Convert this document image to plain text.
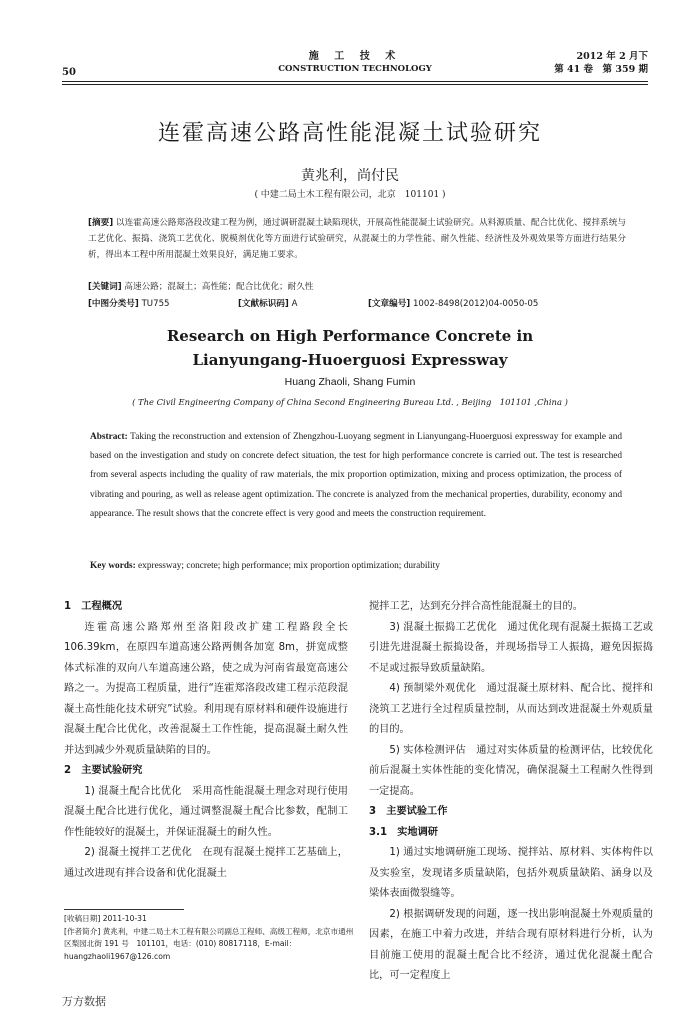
50
施 工 技 术
CONSTRUCTION TECHNOLOGY
2012 年 2 月下
第 41 卷　第 359 期
连霍高速公路高性能混凝土试验研究
黄兆利，尚付民
( 中建二局土木工程有限公司，北京　101101 )
[摘要] 以连霍高速公路郑洛段改建工程为例，通过调研混凝土缺陷现状，开展高性能混凝土试验研究。从料源质量、配合比优化、搅拌系统与工艺优化、振捣、浇筑工艺优化、脱模剂优化等方面进行试验研究，从混凝土的力学性能、耐久性能、经济性及外观效果等方面进行结果分析，得出本工程中所用混凝土效果良好，满足施工要求。
[关键词] 高速公路；混凝土；高性能；配合比优化；耐久性
[中图分类号] TU755	[文献标识码] A	[文章编号] 1002-8498(2012)04-0050-05
Research on High Performance Concrete in
Lianyungang-Huoerguosi Expressway
Huang Zhaoli, Shang Fumin
( The Civil Engineering Company of China Second Engineering Bureau Ltd. , Beijing　101101 ,China )
Abstract: Taking the reconstruction and extension of Zhengzhou-Luoyang segment in Lianyungang-Huoerguosi expressway for example and based on the investigation and study on concrete defect situation, the test for high performance concrete is carried out. The test is researched from several aspects including the quality of raw materials, the mix proportion optimization, mixing and process optimization, the process of vibrating and pouring, as well as release agent optimization. The concrete is analyzed from the mechanical properties, durability, economy and appearance. The result shows that the concrete effect is very good and meets the construction requirement.
Key words: expressway; concrete; high performance; mix proportion optimization; durability
1　工程概况

连霍高速公路郑州至洛阳段改扩建工程路段全长 106.39km，在原四车道高速公路两侧各加宽 8m，拼宽成整体式标准的双向八车道高速公路，使之成为河南省最宽高速公路之一。为提高工程质量，进行“连霍郑洛段改建工程示范段混凝土高性能化技术研究”试验。利用现有原材料和硬件设施进行混凝土配合比优化，改善混凝土工作性能，提高混凝土耐久性并达到减少外观质量缺陷的目的。

2　主要试验研究

1) 混凝土配合比优化　采用高性能混凝土理念对现行使用混凝土配合比进行优化，通过调整混凝土配合比参数，配制工作性能较好的混凝土，并保证混凝土的耐久性。

2) 混凝土搅拌工艺优化　在现有混凝土搅拌工艺基础上，通过改进现有拌合设备和优化混凝土

搅拌工艺，达到充分拌合高性能混凝土的目的。

3) 混凝土振捣工艺优化　通过优化现有混凝土振捣工艺或引进先进混凝土振捣设备，并现场指导工人振捣，避免因振捣不足或过振导致质量缺陷。

4) 预制梁外观优化　通过混凝土原材料、配合比、搅拌和浇筑工艺进行全过程质量控制，从而达到改进混凝土外观质量的目的。

5) 实体检测评估　通过对实体质量的检测评估，比较优化前后混凝土实体性能的变化情况，确保混凝土工程耐久性得到一定提高。

3　主要试验工作
3.1　实地调研

1) 通过实地调研施工现场、搅拌站、原材料、实体构件以及实验室，发现诸多质量缺陷，包括外观质量缺陷、涵身以及梁体表面微裂缝等。

2) 根据调研发现的问题，逐一找出影响混凝土外观质量的因素，在施工中着力改进，并结合现有原材料进行分析，认为目前施工使用的混凝土配合比不经济，通过优化混凝土配合比，可一定程度上

[收稿日期] 2011-10-31
[作者简介] 黄兆利，中建二局土木工程有限公司副总工程师、高级工程师，北京市通州区梨园北街 191 号　101101，电话：(010) 80817118，E-mail：huangzhaoli1967@126.com
万方数据
